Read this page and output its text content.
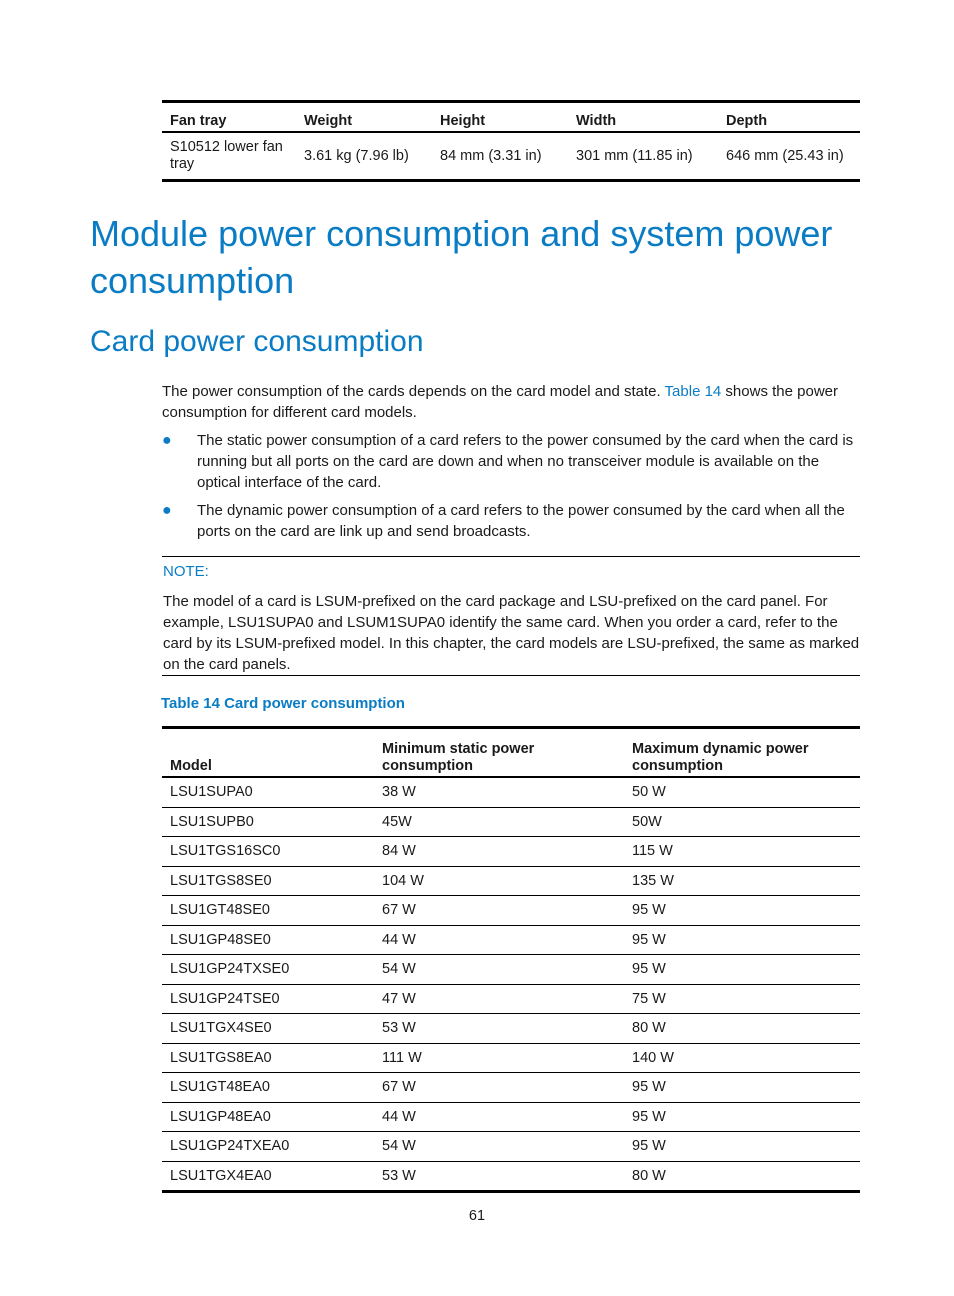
Fan tray	Weight	Height	Width	Depth
S10512 lower fan tray	3.61 kg (7.96 lb)	84 mm (3.31 in)	301 mm (11.85 in)	646 mm (25.43 in)
Module power consumption and system power consumption
Card power consumption

The power consumption of the cards depends on the card model and state. Table 14 shows the power consumption for different card models.

● The static power consumption of a card refers to the power consumed by the card when the card is running but all ports on the card are down and when no transceiver module is available on the optical interface of the card.
● The dynamic power consumption of a card refers to the power consumed by the card when all the ports on the card are link up and send broadcasts.
NOTE:

The model of a card is LSUM-prefixed on the card package and LSU-prefixed on the card panel. For example, LSU1SUPA0 and LSUM1SUPA0 identify the same card. When you order a card, refer to the card by its LSUM-prefixed model. In this chapter, the card models are LSU-prefixed, the same as marked on the card panels.

Table 14 Card power consumption
Model	Minimum static power consumption	Maximum dynamic power consumption
LSU1SUPA0	38 W	50 W
LSU1SUPB0	45W	50W
LSU1TGS16SC0	84 W	115 W
LSU1TGS8SE0	104 W	135 W
LSU1GT48SE0	67 W	95 W
LSU1GP48SE0	44 W	95 W
LSU1GP24TXSE0	54 W	95 W
LSU1GP24TSE0	47 W	75 W
LSU1TGX4SE0	53 W	80 W
LSU1TGS8EA0	111 W	140 W
LSU1GT48EA0	67 W	95 W
LSU1GP48EA0	44 W	95 W
LSU1GP24TXEA0	54 W	95 W
LSU1TGX4EA0	53 W	80 W
61
